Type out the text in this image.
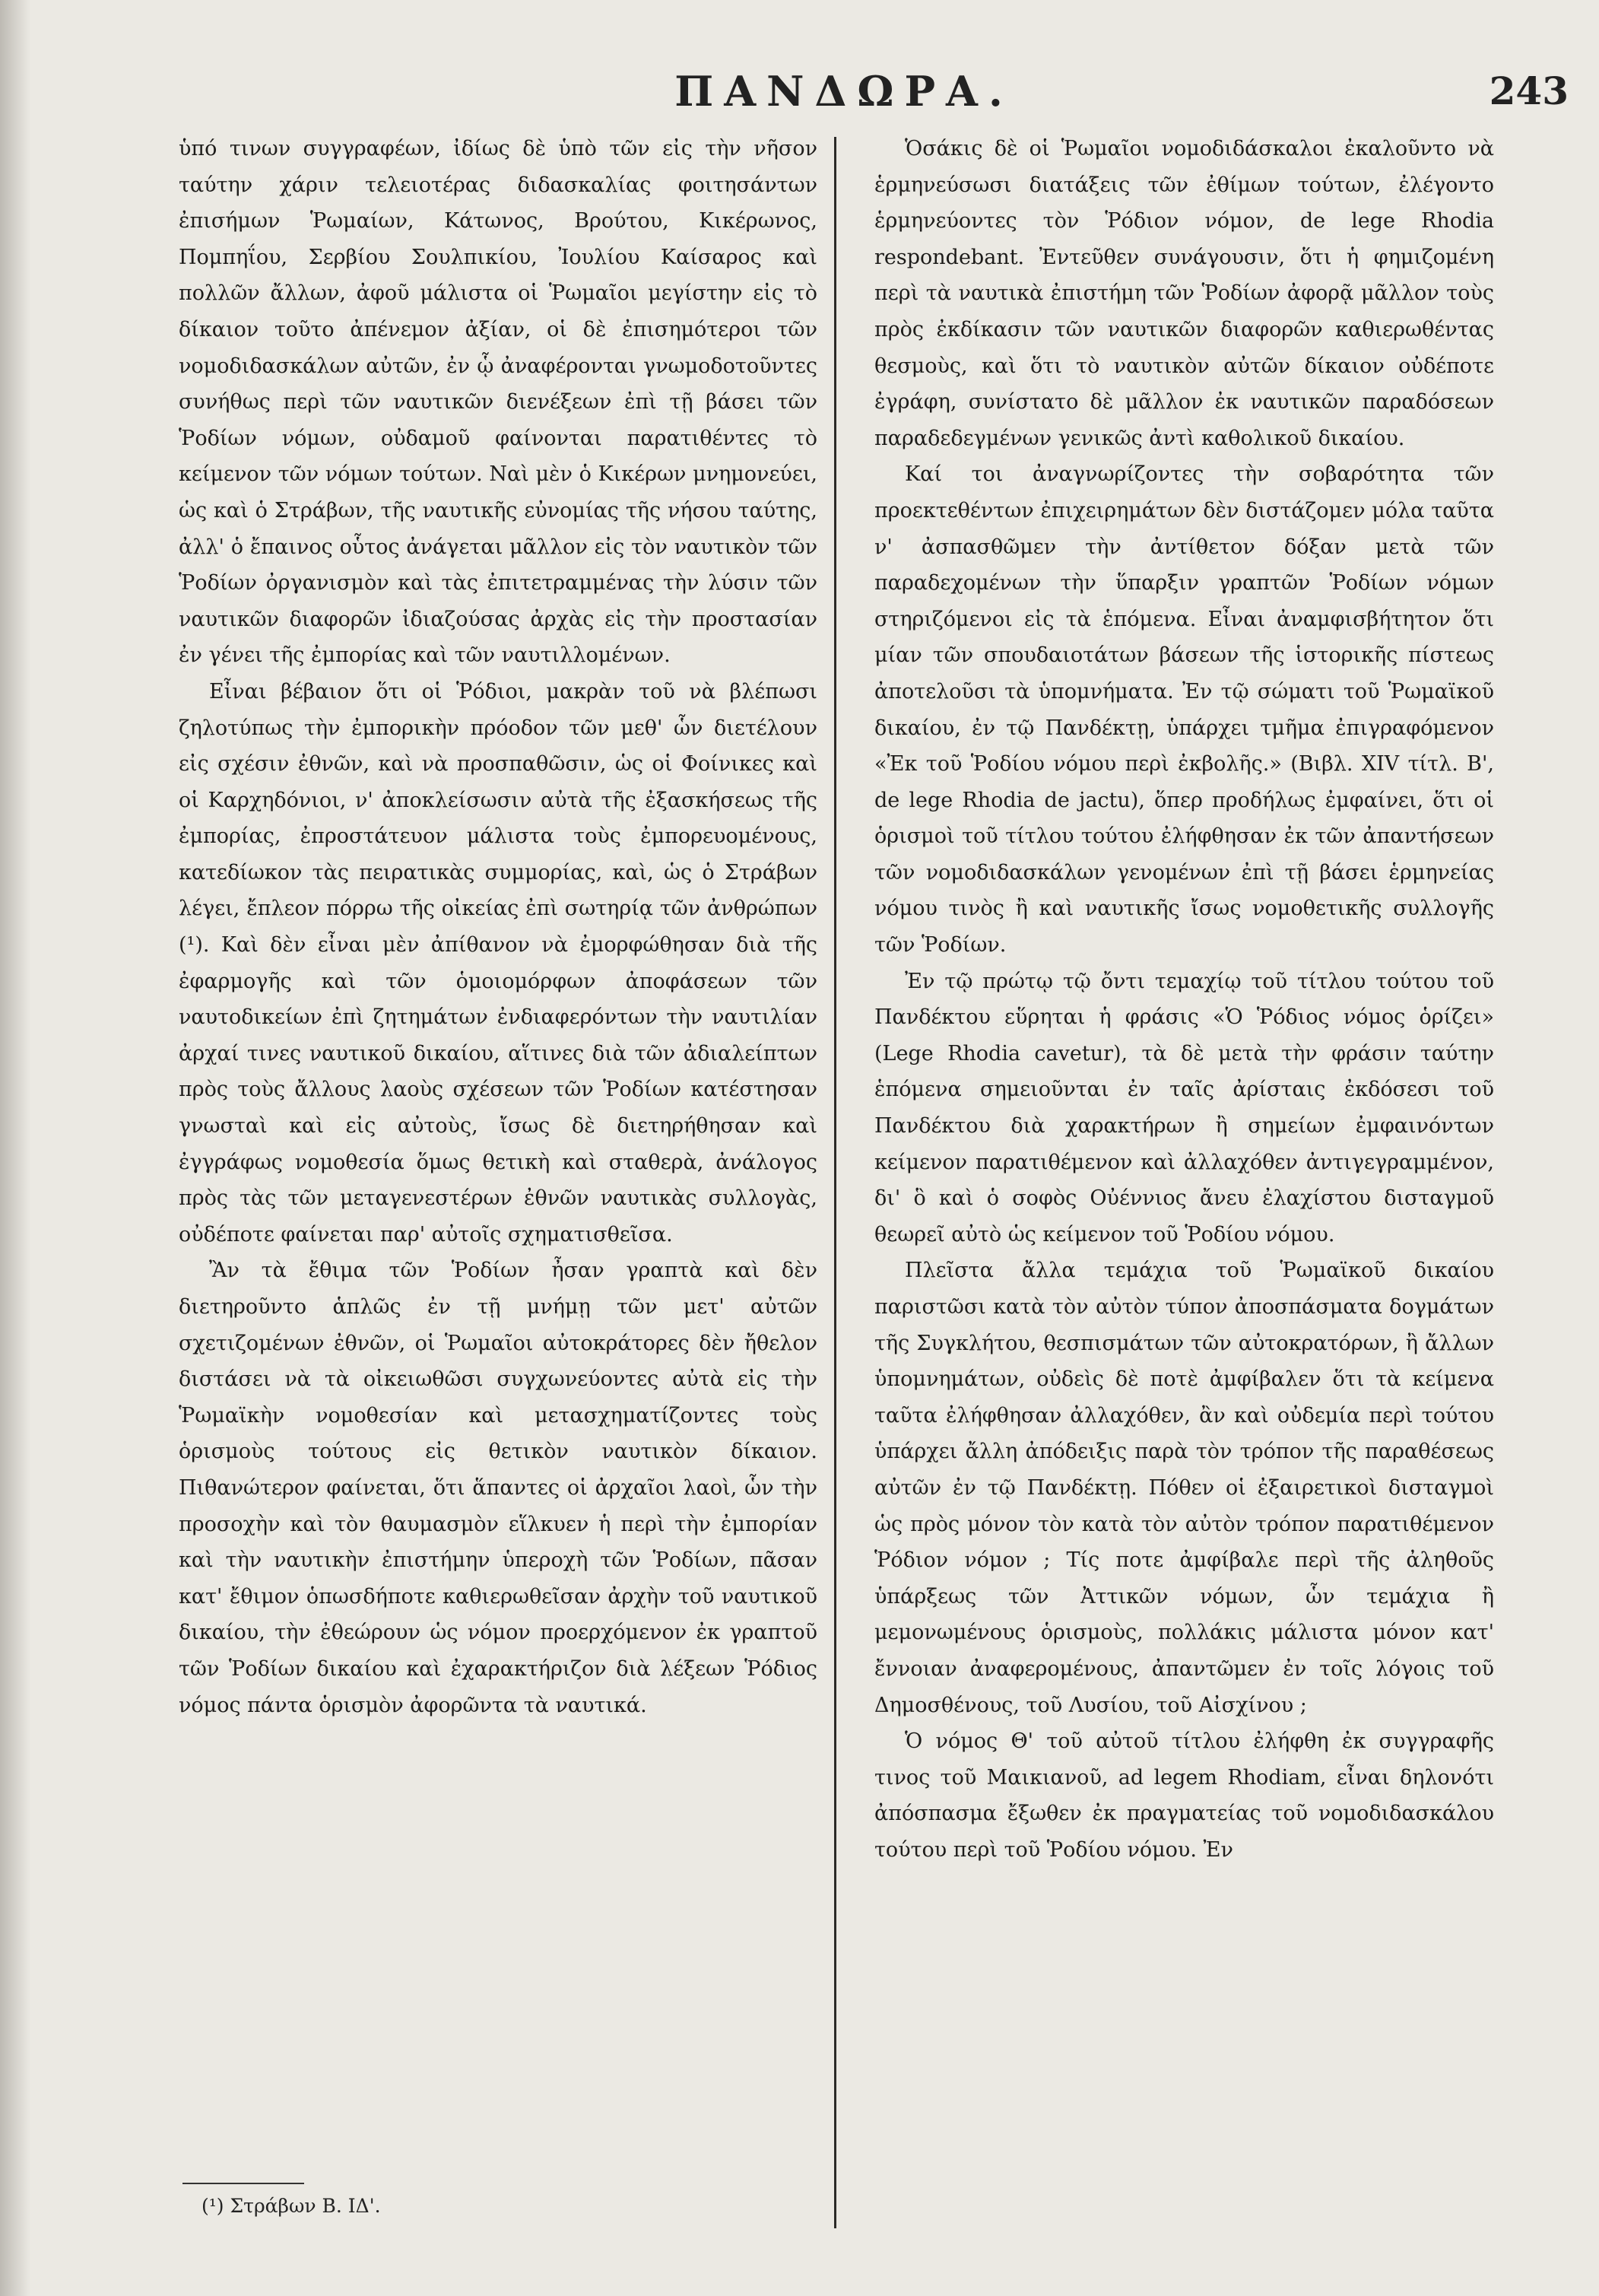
ΠΑΝΔΩΡΑ.	243

ὑπό τινων συγγραφέων, ἰδίως δὲ ὑπὸ τῶν εἰς τὴν νῆσον ταύτην χάριν τελειοτέρας διδασκαλίας φοιτησάντων ἐπισήμων Ῥωμαίων, Κάτωνος, Βρούτου, Κικέρωνος, Πομπηΐου, Σερβίου Σουλπικίου, Ἰουλίου Καίσαρος καὶ πολλῶν ἄλλων, ἀφοῦ μάλιστα οἱ Ῥωμαῖοι μεγίστην εἰς τὸ δίκαιον τοῦτο ἀπένεμον ἀξίαν, οἱ δὲ ἐπισημότεροι τῶν νομοδιδασκάλων αὐτῶν, ἐν ᾧ ἀναφέρονται γνωμοδοτοῦντες συνήθως περὶ τῶν ναυτικῶν διενέξεων ἐπὶ τῇ βάσει τῶν Ῥοδίων νόμων, οὐδαμοῦ φαίνονται παρατιθέντες τὸ κείμενον τῶν νόμων τούτων. Ναὶ μὲν ὁ Κικέρων μνημονεύει, ὡς καὶ ὁ Στράβων, τῆς ναυτικῆς εὐνομίας τῆς νήσου ταύτης, ἀλλ' ὁ ἔπαινος οὗτος ἀνάγεται μᾶλλον εἰς τὸν ναυτικὸν τῶν Ῥοδίων ὀργανισμὸν καὶ τὰς ἐπιτετραμμένας τὴν λύσιν τῶν ναυτικῶν διαφορῶν ἰδιαζούσας ἀρχὰς εἰς τὴν προστασίαν ἐν γένει τῆς ἐμπορίας καὶ τῶν ναυτιλλομένων.

Εἶναι βέβαιον ὅτι οἱ Ῥόδιοι, μακρὰν τοῦ νὰ βλέπωσι ζηλοτύπως τὴν ἐμπορικὴν πρόοδον τῶν μεθ' ὧν διετέλουν εἰς σχέσιν ἐθνῶν, καὶ νὰ προσπαθῶσιν, ὡς οἱ Φοίνικες καὶ οἱ Καρχηδόνιοι, ν' ἀποκλείσωσιν αὐτὰ τῆς ἐξασκήσεως τῆς ἐμπορίας, ἐπροστάτευον μάλιστα τοὺς ἐμπορευομένους, κατεδίωκον τὰς πειρατικὰς συμμορίας, καὶ, ὡς ὁ Στράβων λέγει, ἔπλεον πόρρω τῆς οἰκείας ἐπὶ σωτηρίᾳ τῶν ἀνθρώπων (¹). Καὶ δὲν εἶναι μὲν ἀπίθανον νὰ ἐμορφώθησαν διὰ τῆς ἐφαρμογῆς καὶ τῶν ὁμοιομόρφων ἀποφάσεων τῶν ναυτοδικείων ἐπὶ ζητημάτων ἐνδιαφερόντων τὴν ναυτιλίαν ἀρχαί τινες ναυτικοῦ δικαίου, αἵτινες διὰ τῶν ἀδιαλείπτων πρὸς τοὺς ἄλλους λαοὺς σχέσεων τῶν Ῥοδίων κατέστησαν γνωσταὶ καὶ εἰς αὐτοὺς, ἴσως δὲ διετηρήθησαν καὶ ἐγγράφως νομοθεσία ὅμως θετικὴ καὶ σταθερὰ, ἀνάλογος πρὸς τὰς τῶν μεταγενεστέρων ἐθνῶν ναυτικὰς συλλογὰς, οὐδέποτε φαίνεται παρ' αὐτοῖς σχηματισθεῖσα.

Ἂν τὰ ἔθιμα τῶν Ῥοδίων ἦσαν γραπτὰ καὶ δὲν διετηροῦντο ἁπλῶς ἐν τῇ μνήμῃ τῶν μετ' αὐτῶν σχετιζομένων ἐθνῶν, οἱ Ῥωμαῖοι αὐτοκράτορες δὲν ἤθελον διστάσει νὰ τὰ οἰκειωθῶσι συγχωνεύοντες αὐτὰ εἰς τὴν Ῥωμαϊκὴν νομοθεσίαν καὶ μετασχηματίζοντες τοὺς ὁρισμοὺς τούτους εἰς θετικὸν ναυτικὸν δίκαιον. Πιθανώτερον φαίνεται, ὅτι ἅπαντες οἱ ἀρχαῖοι λαοὶ, ὧν τὴν προσοχὴν καὶ τὸν θαυμασμὸν εἵλκυεν ἡ περὶ τὴν ἐμπορίαν καὶ τὴν ναυτικὴν ἐπιστήμην ὑπεροχὴ τῶν Ῥοδίων, πᾶσαν κατ' ἔθιμον ὁπωσδήποτε καθιερωθεῖσαν ἀρχὴν τοῦ ναυτικοῦ δικαίου, τὴν ἐθεώρουν ὡς νόμον προερχόμενον ἐκ γραπτοῦ τῶν Ῥοδίων δικαίου καὶ ἐχαρακτήριζον διὰ λέξεων Ῥόδιος νόμος πάντα ὁρισμὸν ἀφορῶντα τὰ ναυτικά.

Ὁσάκις δὲ οἱ Ῥωμαῖοι νομοδιδάσκαλοι ἐκαλοῦντο νὰ ἑρμηνεύσωσι διατάξεις τῶν ἐθίμων τούτων, ἐλέγοντο ἑρμηνεύοντες τὸν Ῥόδιον νόμον, de lege Rhodia respondebant. Ἐντεῦθεν συνάγουσιν, ὅτι ἡ φημιζομένη περὶ τὰ ναυτικὰ ἐπιστήμη τῶν Ῥοδίων ἀφορᾷ μᾶλλον τοὺς πρὸς ἐκδίκασιν τῶν ναυτικῶν διαφορῶν καθιερωθέντας θεσμοὺς, καὶ ὅτι τὸ ναυτικὸν αὐτῶν δίκαιον οὐδέποτε ἐγράφη, συνίστατο δὲ μᾶλλον ἐκ ναυτικῶν παραδόσεων παραδεδεγμένων γενικῶς ἀντὶ καθολικοῦ δικαίου.

Καί τοι ἀναγνωρίζοντες τὴν σοβαρότητα τῶν προεκτεθέντων ἐπιχειρημάτων δὲν διστάζομεν μόλα ταῦτα ν' ἀσπασθῶμεν τὴν ἀντίθετον δόξαν μετὰ τῶν παραδεχομένων τὴν ὕπαρξιν γραπτῶν Ῥοδίων νόμων στηριζόμενοι εἰς τὰ ἑπόμενα. Εἶναι ἀναμφισβήτητον ὅτι μίαν τῶν σπουδαιοτάτων βάσεων τῆς ἱστορικῆς πίστεως ἀποτελοῦσι τὰ ὑπομνήματα. Ἐν τῷ σώματι τοῦ Ῥωμαϊκοῦ δικαίου, ἐν τῷ Πανδέκτῃ, ὑπάρχει τμῆμα ἐπιγραφόμενον «Ἐκ τοῦ Ῥοδίου νόμου περὶ ἐκβολῆς.» (Βιβλ. XIV τίτλ. Β', de lege Rhodia de jactu), ὅπερ προδήλως ἐμφαίνει, ὅτι οἱ ὁρισμοὶ τοῦ τίτλου τούτου ἐλήφθησαν ἐκ τῶν ἀπαντήσεων τῶν νομοδιδασκάλων γενομένων ἐπὶ τῇ βάσει ἑρμηνείας νόμου τινὸς ἢ καὶ ναυτικῆς ἴσως νομοθετικῆς συλλογῆς τῶν Ῥοδίων.

Ἐν τῷ πρώτῳ τῷ ὄντι τεμαχίῳ τοῦ τίτλου τούτου τοῦ Πανδέκτου εὕρηται ἡ φράσις «Ὁ Ῥόδιος νόμος ὁρίζει» (Lege Rhodia cavetur), τὰ δὲ μετὰ τὴν φράσιν ταύτην ἑπόμενα σημειοῦνται ἐν ταῖς ἀρίσταις ἐκδόσεσι τοῦ Πανδέκτου διὰ χαρακτήρων ἢ σημείων ἐμφαινόντων κείμενον παρατιθέμενον καὶ ἀλλαχόθεν ἀντιγεγραμμένον, δι' ὃ καὶ ὁ σοφὸς Οὐέννιος ἄνευ ἐλαχίστου δισταγμοῦ θεωρεῖ αὐτὸ ὡς κείμενον τοῦ Ῥοδίου νόμου.

Πλεῖστα ἄλλα τεμάχια τοῦ Ῥωμαϊκοῦ δικαίου παριστῶσι κατὰ τὸν αὐτὸν τύπον ἀποσπάσματα δογμάτων τῆς Συγκλήτου, θεσπισμάτων τῶν αὐτοκρατόρων, ἢ ἄλλων ὑπομνημάτων, οὐδεὶς δὲ ποτὲ ἀμφίβαλεν ὅτι τὰ κείμενα ταῦτα ἐλήφθησαν ἀλλαχόθεν, ἂν καὶ οὐδεμία περὶ τούτου ὑπάρχει ἄλλη ἀπόδειξις παρὰ τὸν τρόπον τῆς παραθέσεως αὐτῶν ἐν τῷ Πανδέκτῃ. Πόθεν οἱ ἐξαιρετικοὶ δισταγμοὶ ὡς πρὸς μόνον τὸν κατὰ τὸν αὐτὸν τρόπον παρατιθέμενον Ῥόδιον νόμον ; Τίς ποτε ἀμφίβαλε περὶ τῆς ἀληθοῦς ὑπάρξεως τῶν Ἀττικῶν νόμων, ὧν τεμάχια ἢ μεμονωμένους ὁρισμοὺς, πολλάκις μάλιστα μόνον κατ' ἔννοιαν ἀναφερομένους, ἀπαντῶμεν ἐν τοῖς λόγοις τοῦ Δημοσθένους, τοῦ Λυσίου, τοῦ Αἰσχίνου ;

Ὁ νόμος Θ' τοῦ αὐτοῦ τίτλου ἐλήφθη ἐκ συγγραφῆς τινος τοῦ Μαικιανοῦ, ad legem Rhodiam, εἶναι δηλονότι ἀπόσπασμα ἔξωθεν ἐκ πραγματείας τοῦ νομοδιδασκάλου τούτου περὶ τοῦ Ῥοδίου νόμου. Ἐν

(¹) Στράβων Β. ΙΔ'.
